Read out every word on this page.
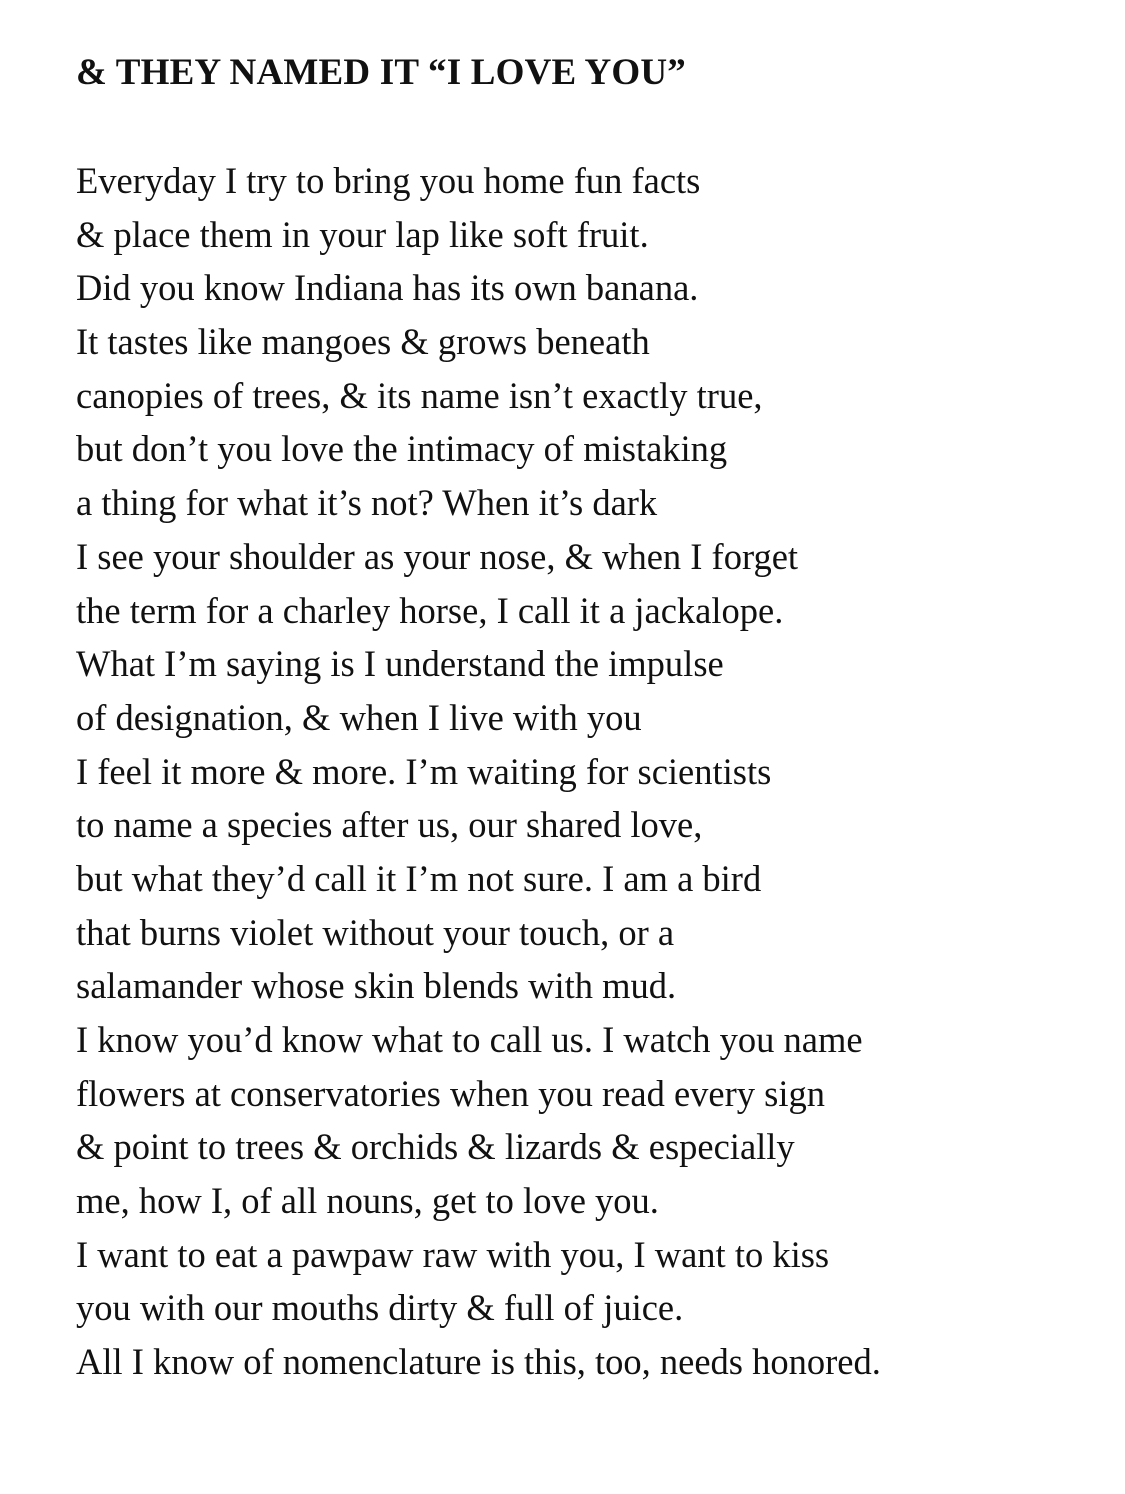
& THEY NAMED IT “I LOVE YOU”
Everyday I try to bring you home fun facts
& place them in your lap like soft fruit.
Did you know Indiana has its own banana.
It tastes like mangoes & grows beneath
canopies of trees, & its name isn’t exactly true,
but don’t you love the intimacy of mistaking
a thing for what it’s not? When it’s dark
I see your shoulder as your nose, & when I forget
the term for a charley horse, I call it a jackalope.
What I’m saying is I understand the impulse
of designation, & when I live with you
I feel it more & more. I’m waiting for scientists
to name a species after us, our shared love,
but what they’d call it I’m not sure. I am a bird
that burns violet without your touch, or a
salamander whose skin blends with mud.
I know you’d know what to call us. I watch you name
flowers at conservatories when you read every sign
& point to trees & orchids & lizards & especially
me, how I, of all nouns, get to love you.
I want to eat a pawpaw raw with you, I want to kiss
you with our mouths dirty & full of juice.
All I know of nomenclature is this, too, needs honored.
